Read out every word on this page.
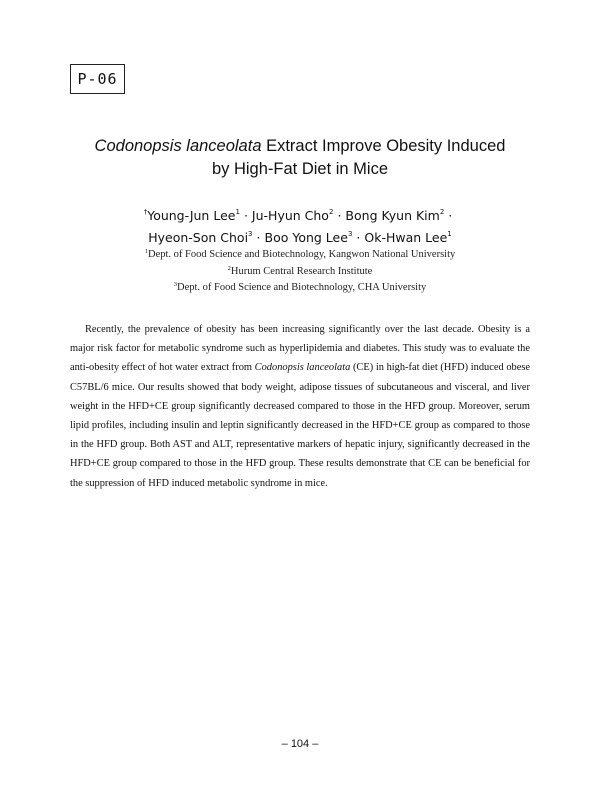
P-06
Codonopsis lanceolata Extract Improve Obesity Induced
by High-Fat Diet in Mice
†Young-Jun Lee$^1$ · Ju-Hyun Cho$^2$ · Bong Kyun Kim$^2$ ·
Hyeon-Son Choi$^3$ · Boo Yong Lee$^3$ · Ok-Hwan Lee$^1$
$^1$Dept. of Food Science and Biotechnology, Kangwon National University
$^2$Hurum Central Research Institute
$^3$Dept. of Food Science and Biotechnology, CHA University

Recently, the prevalence of obesity has been increasing significantly over the last decade. Obesity is a major risk factor for metabolic syndrome such as hyperlipidemia and diabetes. This study was to evaluate the anti-obesity effect of hot water extract from Codonopsis lanceolata (CE) in high-fat diet (HFD) induced obese C57BL/6 mice. Our results showed that body weight, adipose tissues of subcutaneous and visceral, and liver weight in the HFD+CE group significantly decreased compared to those in the HFD group. Moreover, serum lipid profiles, including insulin and leptin significantly decreased in the HFD+CE group as compared to those in the HFD group. Both AST and ALT, representative markers of hepatic injury, significantly decreased in the HFD+CE group compared to those in the HFD group. These results demonstrate that CE can be beneficial for the suppression of HFD induced metabolic syndrome in mice.

– 104 –
